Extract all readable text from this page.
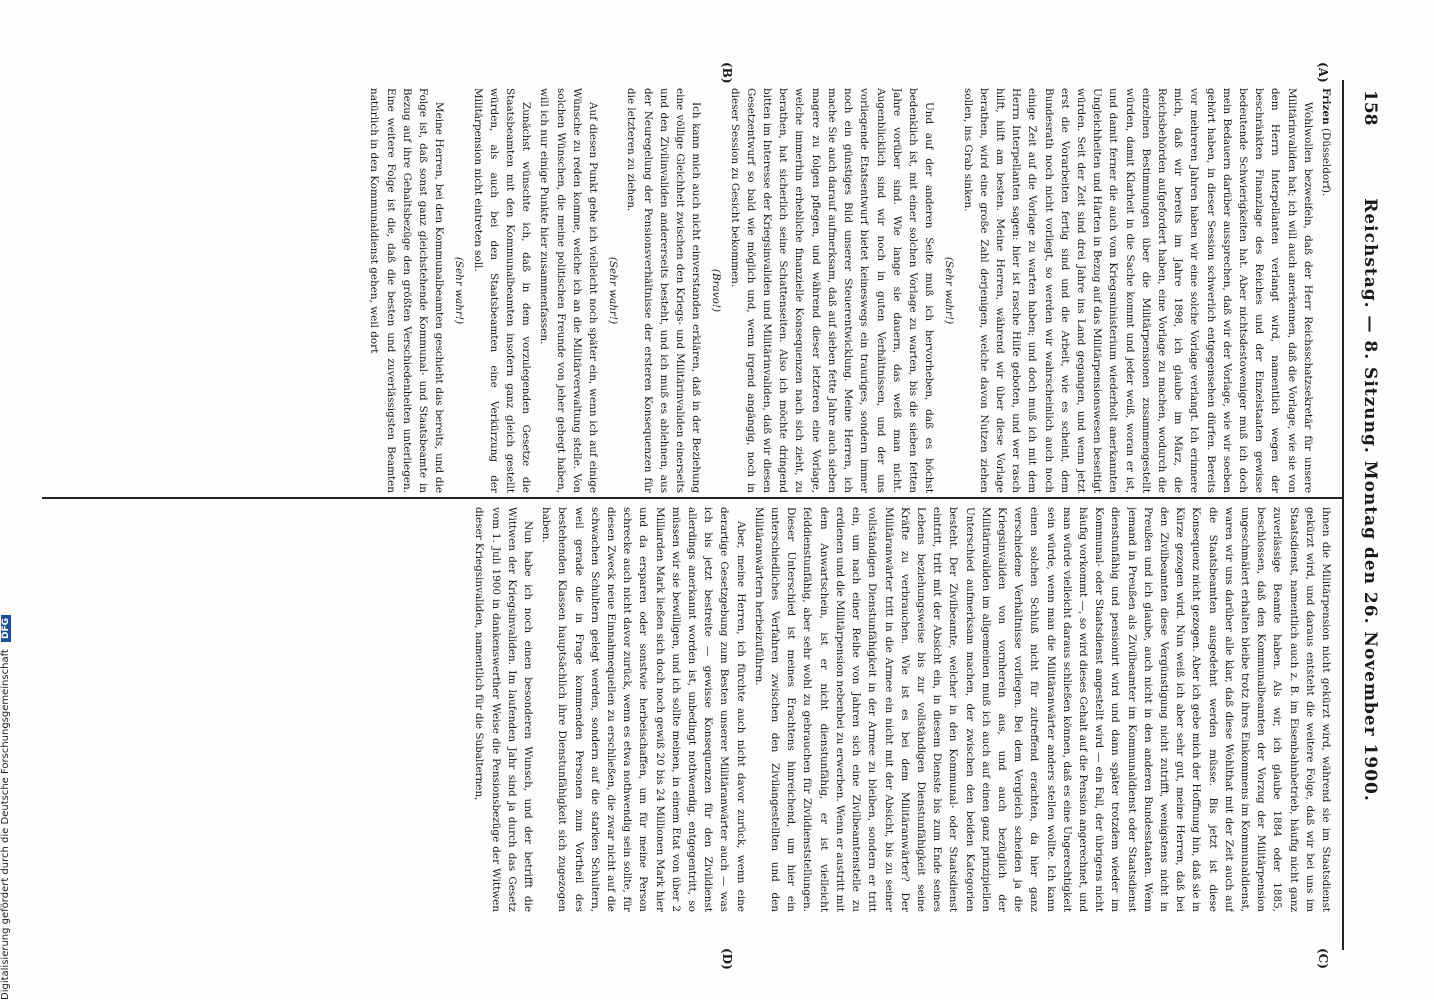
158
Reichstag. — 8. Sitzung. Montag den 26. November 1900.
(A)
(B)
(C)
(D)

Frizen (Düsseldorf).

Wohlwollen bezweifeln, daß der Herr Reichsschatzsekretär für unsere Militärinvaliden hat; ich will auch anerkennen, daß die Vorlage, wie sie von dem Herrn Interpellanten verlangt wird, namentlich wegen der beschränkten Finanzlage des Reiches und der Einzelstaaten gewisse bedeutende Schwierigkeiten hat. Aber nichtsdestoweniger muß ich doch mein Bedauern darüber aussprechen, daß wir der Vorlage, wie wir soeben gehört haben, in dieser Session schwerlich entgegensehen dürfen. Bereits vor mehreren Jahren haben wir eine solche Vorlage verlangt. Ich erinnere mich, daß wir bereits im Jahre 1898, ich glaube im März, die Reichsbehörden aufgefordert haben, eine Vorlage zu machen, wodurch die einzelnen Bestimmungen über die Militärpensionen zusammengestellt würden, damit Klarheit in die Sache kommt und jeder weiß, woran er ist, und damit ferner die auch vom Kriegsministerium wiederholt anerkannten Ungleichheiten und Härten in Bezug auf das Militärpensionswesen beseitigt würden. Seit der Zeit sind drei Jahre ins Land gegangen, und wenn jetzt erst die Vorarbeiten fertig sind und die Arbeit, wie es scheint, dem Bundesrath noch nicht vorliegt, so werden wir wahrscheinlich auch noch einige Zeit auf die Vorlage zu warten haben; und doch muß ich mit dem Herrn Interpellanten sagen: hier ist rasche Hilfe geboten, und wer rasch hilft, hilft am besten. Meine Herren, während wir über diese Vorlage berathen, wird eine große Zahl derjenigen, welche davon Nutzen ziehen sollen, ins Grab sinken.

(Sehr wahr!)

Und auf der anderen Seite muß ich hervorheben, daß es höchst bedenklich ist, mit einer solchen Vorlage zu warten, bis die sieben fetten Jahre vorüber sind. Wie lange sie dauern, das weiß man nicht. Augenblicklich sind wir noch in guten Verhältnissen, und der uns vorliegende Etatsentwurf bietet keineswegs ein trauriges, sondern immer noch ein günstiges Bild unserer Steuerentwicklung. Meine Herren, ich mache Sie auch darauf aufmerksam, daß auf sieben fette Jahre auch sieben magere zu folgen pflegen, und während dieser letzteren eine Vorlage, welche immerhin erhebliche finanzielle Konsequenzen nach sich zieht, zu berathen, hat sicherlich seine Schattenseiten. Also ich möchte dringend bitten im Interesse der Kriegsinvaliden und Militärinvaliden, daß wir diesen Gesetzentwurf so bald wie möglich und, wenn irgend angängig, noch in dieser Session zu Gesicht bekommen.

(Bravo!)

Ich kann mich auch nicht einverstanden erklären, daß in der Beziehung eine völlige Gleichheit zwischen den Kriegs- und Militärinvaliden einerseits und den Zivilinvaliden andererseits besteht, und ich muß es ablehnen, aus der Neuregelung der Pensionsverhältnisse der ersteren Konsequenzen für die letzteren zu ziehen.

(Sehr wahr!)

Auf diesen Punkt gehe ich vielleicht noch später ein, wenn ich auf einige Wünsche zu reden komme, welche ich an die Militärverwaltung stelle. Von solchen Wünschen, die meine politischen Freunde von jeher gehegt haben, will ich nur einige Punkte hier zusammenfassen.

Zunächst wünschte ich, daß in dem vorzulegenden Gesetze die Staatsbeamten mit den Kommunalbeamten insofern ganz gleich gestellt würden, als auch bei den Staatsbeamten eine Verkürzung der Militärpension nicht eintreten soll.

(Sehr wahr!)

Meine Herren, bei den Kommunalbeamten geschieht das bereits, und die Folge ist, daß sonst ganz gleichstehende Kommunal- und Staatsbeamte in Bezug auf ihre Gehaltsbezüge den größten Verschiedenheiten unterliegen. Eine weitere Folge ist die, daß die besten und zuverlässigsten Beamten natürlich in den Kommunaldienst gehen, weil dort

ihnen die Militärpension nicht gekürzt wird, während sie im Staatsdienst gekürzt wird, und daraus entsteht die weitere Folge, daß wir bei uns im Staatsdienst, namentlich auch z. B. im Eisenbahnbetrieb, häufig nicht ganz zuverlässige Beamte haben. Als wir, ich glaube 1884 oder 1885, beschlossen, daß den Kommunalbeamten der Vorzug der Militärpension ungeschmälert erhalten bleibe trotz ihres Einkommens im Kommunaldienst, waren wir uns darüber alle klar, daß diese Wohlthat mit der Zeit auch auf die Staatsbeamten ausgedehnt werden müsse. Bis jetzt ist diese Konsequenz nicht gezogen. Aber ich gebe mich der Hoffnung hin, daß sie in Kürze gezogen wird. Nun weiß ich aber sehr gut, meine Herren, daß bei den Zivilbeamten diese Vergünstigung nicht zutrifft, wenigstens nicht in Preußen und ich glaube, auch nicht in den anderen Bundesstaaten. Wenn jemand in Preußen als Zivilbeamter im Kommunaldienst oder Staatsdienst dienstunfähig und pensionirt wird und dann später trotzdem wieder im Kommunal- oder Staatsdienst angestellt wird — ein Fall, der übrigens nicht häufig vorkommt —, so wird dieses Gehalt auf die Pension angerechnet, und man würde vielleicht daraus schließen können, daß es eine Ungerechtigkeit sein würde, wenn man die Militäranwärter anders stellen wollte. Ich kann einen solchen Schluß nicht für zutreffend erachten, da hier ganz verschiedene Verhältnisse vorliegen. Bei dem Vergleich scheiden ja die Kriegsinvaliden von vornherein aus, und auch bezüglich der Militärinvaliden im allgemeinen muß ich auch auf einen ganz prinzipiellen Unterschied aufmerksam machen, der zwischen den beiden Kategorien besteht. Der Zivilbeamte, welcher in den Kommunal- oder Staatsdienst eintritt, tritt mit der Absicht ein, in diesem Dienste bis zum Ende seines Lebens beziehungsweise bis zur vollständigen Dienstunfähigkeit seine Kräfte zu verbrauchen. Wie ist es bei dem Militäranwärter? Der Militäranwärter tritt in die Armee ein nicht mit der Absicht, bis zu seiner vollständigen Dienstunfähigkeit in der Armee zu bleiben, sondern er tritt ein, um nach einer Reihe von Jahren sich eine Zivilbeamtenstelle zu erdienen und die Militärpension nebenbei zu erwerben. Wenn er austritt mit dem Anwartschein, ist er nicht dienstunfähig, er ist vielleicht felddienstunfähig, aber sehr wohl zu gebrauchen für Zivildienststellungen. Dieser Unterschied ist meines Erachtens hinreichend, um hier ein unterschiedliches Verfahren zwischen den Zivilangestellten und den Militäranwärtern herbeizuführen.

Aber, meine Herren, ich fürchte auch nicht davor zurück, wenn eine derartige Gesetzgebung zum Besten unserer Militäranwärter auch — was ich bis jetzt bestreite — gewisse Konsequenzen für den Zivildienst allerdings anerkannt worden ist, unbedingt nothwendig, entgegentritt, so müssen wir sie bewilligen, und ich sollte meinen, in einem Etat von über 2 Milliarden Mark ließen sich doch noch gewiß 20 bis 24 Millionen Mark hier und da ersparen oder sonstwie herbeischaffen, um für meine Person schrecke auch nicht davor zurück, wenn es etwa nothwendig sein sollte, für diesen Zweck neue Einnahmequellen zu erschließen, die zwar nicht auf die schwachen Schultern gelegt werden, sondern auf die starken Schultern, weil gerade die in Frage kommenden Personen zum Vortheil des bestehenden Klassen hauptsächlich ihre Dienstunfähigkeit sich zugezogen haben.

Nun habe ich noch einen besonderen Wunsch, und der betrifft die Wittwen der Kriegsinvaliden. Im laufenden Jahr sind ja durch das Gesetz vom 1. Juli 1900 in dankenswerther Weise die Pensionsbezüge der Wittwen dieser Kriegsinvaliden, namentlich für die Subalternen,

Digitalisierung gefördert durch die Deutsche Forschungsgemeinschaft DFG
